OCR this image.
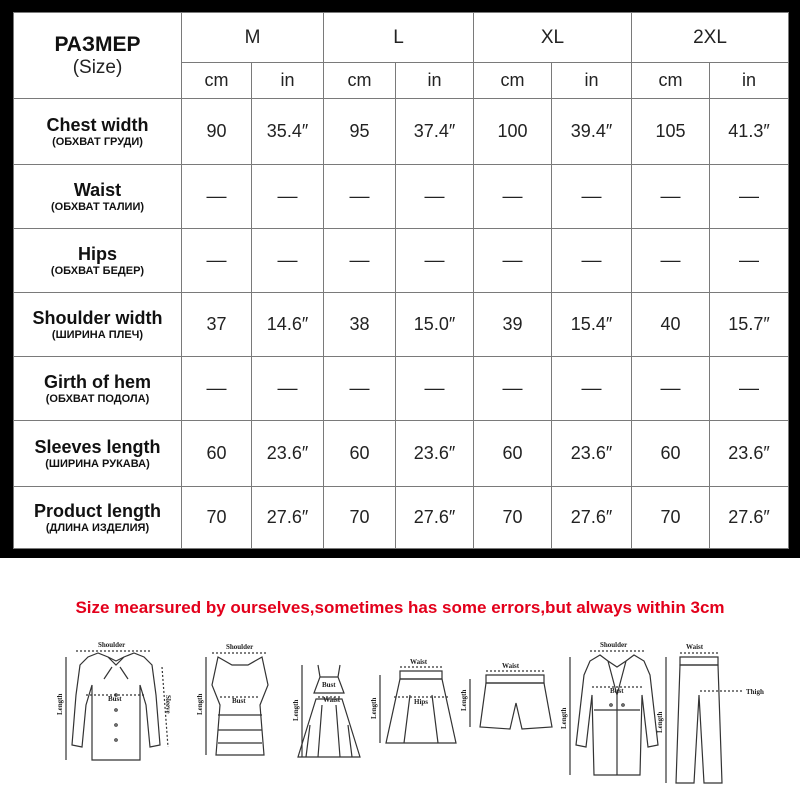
РАЗМЕР
(Size)	M		L		XL		2XL	
	cm	in	cm	in	cm	in	cm	in

Chest width
(ОБХВАТ ГРУДИ)	90	35.4″	95	37.4″	100	39.4″	105	41.3″

Waist
(ОБХВАТ ТАЛИИ)	––	––	––	––	––	––	––	––

Hips
(ОБХВАТ БЕДЕР)	––	––	––	––	––	––	––	––

Shoulder width
(ШИРИНА ПЛЕЧ)	37	14.6″	38	15.0″	39	15.4″	40	15.7″

Girth of hem
(ОБХВАТ ПОДОЛА)	––	––	––	––	––	––	––	––

Sleeves length
(ШИРИНА РУКАВА)	60	23.6″	60	23.6″	60	23.6″	60	23.6″

Product length
(ДЛИНА ИЗДЕЛИЯ)	70	27.6″	70	27.6″	70	27.6″	70	27.6″
Size mearsured by ourselves,sometimes has some errors,but always within 3cm
Shoulder
Bust
Length	Sleeve
Shoulder
Bust
Length
Bust
Waist
Length
Waist
Hips
Length
Waist
Length
Shoulder
Bust
Length
Waist
Thigh
Length
